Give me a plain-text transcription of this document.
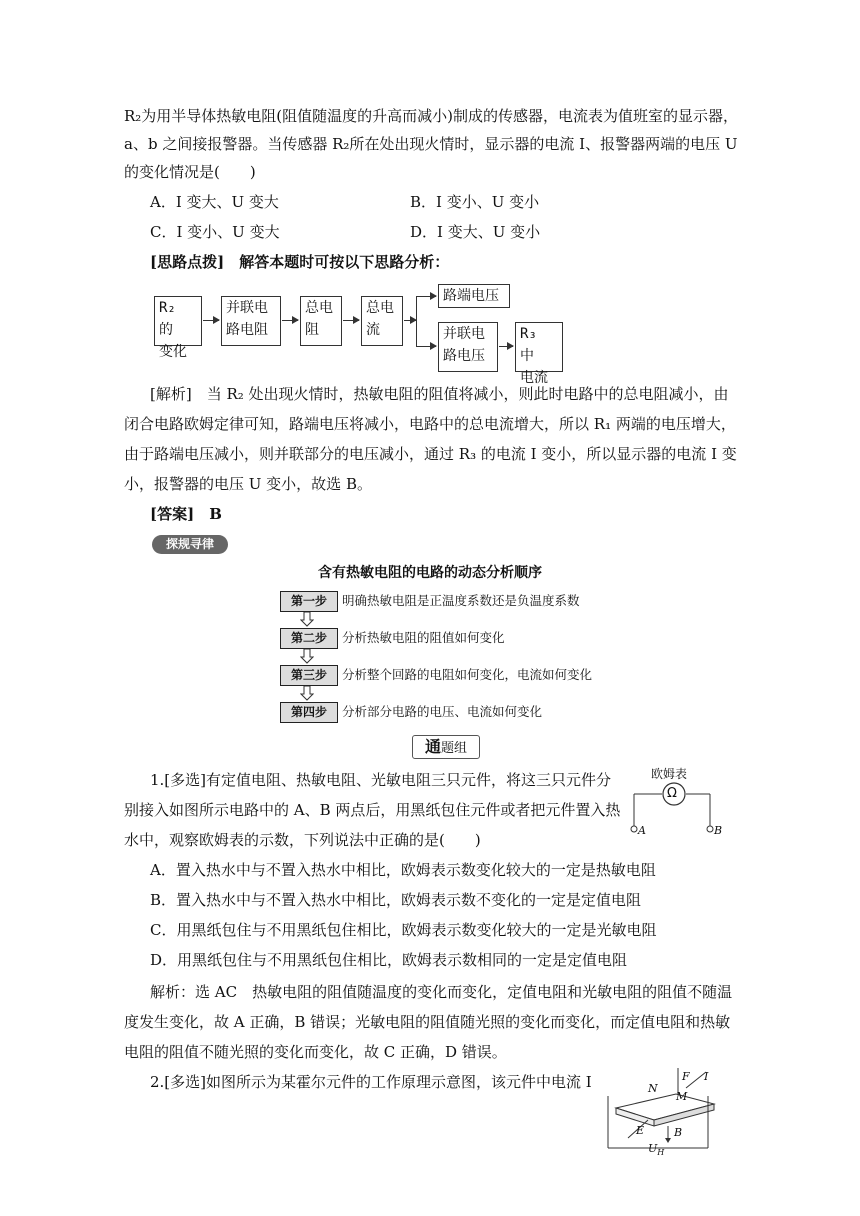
R₂为用半导体热敏电阻(阻值随温度的升高而减小)制成的传感器，电流表为值班室的显示器，
a、b 之间接报警器。当传感器 R₂所在处出现火情时，显示器的电流 I、报警器两端的电压 U
的变化情况是(　　)
A．I 变大、U 变大	B．I 变小、U 变小
C．I 变小、U 变大	D．I 变大、U 变小
[思路点拨]　解答本题时可按以下思路分析：
R₂ 的
变化
并联电
路电阻
总电
阻
总电
流
路端电压
并联电
路电压
R₃ 中
电流
[解析]　当 R₂ 处出现火情时，热敏电阻的阻值将减小，则此时电路中的总电阻减小，由
闭合电路欧姆定律可知，路端电压将减小，电路中的总电流增大，所以 R₁ 两端的电压增大，
由于路端电压减小，则并联部分的电压减小，通过 R₃ 的电流 I 变小，所以显示器的电流 I 变
小，报警器的电压 U 变小，故选 B。
[答案]　B
探规寻律
含有热敏电阻的电路的动态分析顺序
第一步	明确热敏电阻是正温度系数还是负温度系数
第二步	分析热敏电阻的阻值如何变化
第三步	分析整个回路的电阻如何变化，电流如何变化
第四步	分析部分电路的电压、电流如何变化
通题组
1.[多选]有定值电阻、热敏电阻、光敏电阻三只元件，将这三只元件分
别接入如图所示电路中的 A、B 两点后，用黑纸包住元件或者把元件置入热
水中，观察欧姆表的示数，下列说法中正确的是(　　)
欧姆表
Ω
A	B
A．置入热水中与不置入热水中相比，欧姆表示数变化较大的一定是热敏电阻
B．置入热水中与不置入热水中相比，欧姆表示数不变化的一定是定值电阻
C．用黑纸包住与不用黑纸包住相比，欧姆表示数变化较大的一定是光敏电阻
D．用黑纸包住与不用黑纸包住相比，欧姆表示数相同的一定是定值电阻
解析：选 AC　热敏电阻的阻值随温度的变化而变化，定值电阻和光敏电阻的阻值不随温
度发生变化，故 A 正确，B 错误；光敏电阻的阻值随光照的变化而变化，而定值电阻和热敏
电阻的阻值不随光照的变化而变化，故 C 正确，D 错误。
2.[多选]如图所示为某霍尔元件的工作原理示意图，该元件中电流 I	N
F I
M
E	B
$U_H$
